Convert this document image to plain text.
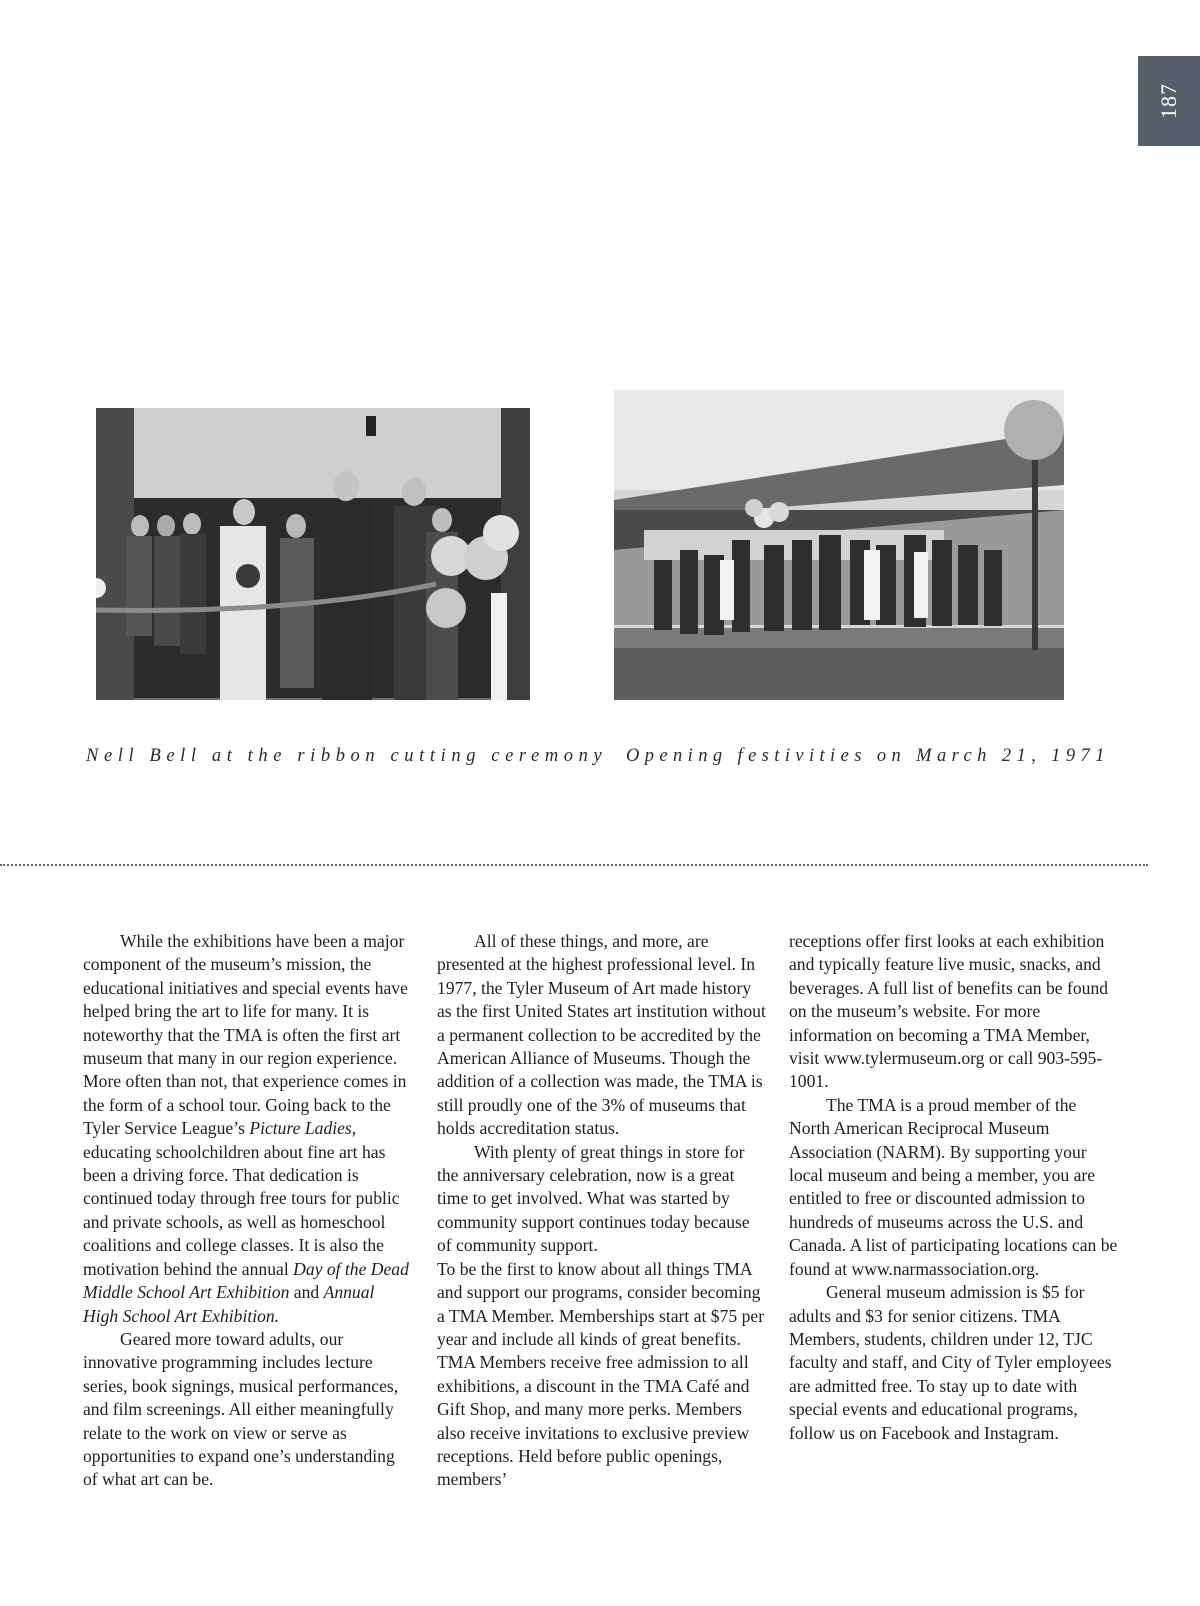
187
Nell Bell at the ribbon cutting ceremony Opening festivities on March 21, 1971

While the exhibitions have been a major component of the museum’s mission, the educational initiatives and special events have helped bring the art to life for many. It is noteworthy that the TMA is often the first art museum that many in our region experience. More often than not, that experience comes in the form of a school tour. Going back to the Tyler Service League’s Picture Ladies, educating schoolchildren about fine art has been a driving force. That dedication is continued today through free tours for public and private schools, as well as homeschool coalitions and college classes. It is also the motivation behind the annual Day of the Dead Middle School Art Exhibition and Annual High School Art Exhibition.

Geared more toward adults, our innovative programming includes lecture series, book signings, musical performances, and film screenings. All either meaningfully relate to the work on view or serve as opportunities to expand one’s understanding of what art can be.

All of these things, and more, are presented at the highest professional level. In 1977, the Tyler Museum of Art made history as the first United States art institution without a permanent collection to be accredited by the American Alliance of Museums. Though the addition of a collection was made, the TMA is still proudly one of the 3% of museums that holds accreditation status.

With plenty of great things in store for the anniversary celebration, now is a great time to get involved. What was started by community support continues today because of community support.

To be the first to know about all things TMA and support our programs, consider becoming a TMA Member. Memberships start at $75 per year and include all kinds of great benefits. TMA Members receive free admission to all exhibitions, a discount in the TMA Café and Gift Shop, and many more perks. Members also receive invitations to exclusive preview receptions. Held before public openings, members’

receptions offer first looks at each exhibition and typically feature live music, snacks, and beverages. A full list of benefits can be found on the museum’s website. For more information on becoming a TMA Member, visit www.tylermuseum.org or call 903-595-1001.

The TMA is a proud member of the North American Reciprocal Museum Association (NARM). By supporting your local museum and being a member, you are entitled to free or discounted admission to hundreds of museums across the U.S. and Canada. A list of participating locations can be found at www.narmassociation.org.

General museum admission is $5 for adults and $3 for senior citizens. TMA Members, students, children under 12, TJC faculty and staff, and City of Tyler employees are admitted free. To stay up to date with special events and educational programs, follow us on Facebook and Instagram.
